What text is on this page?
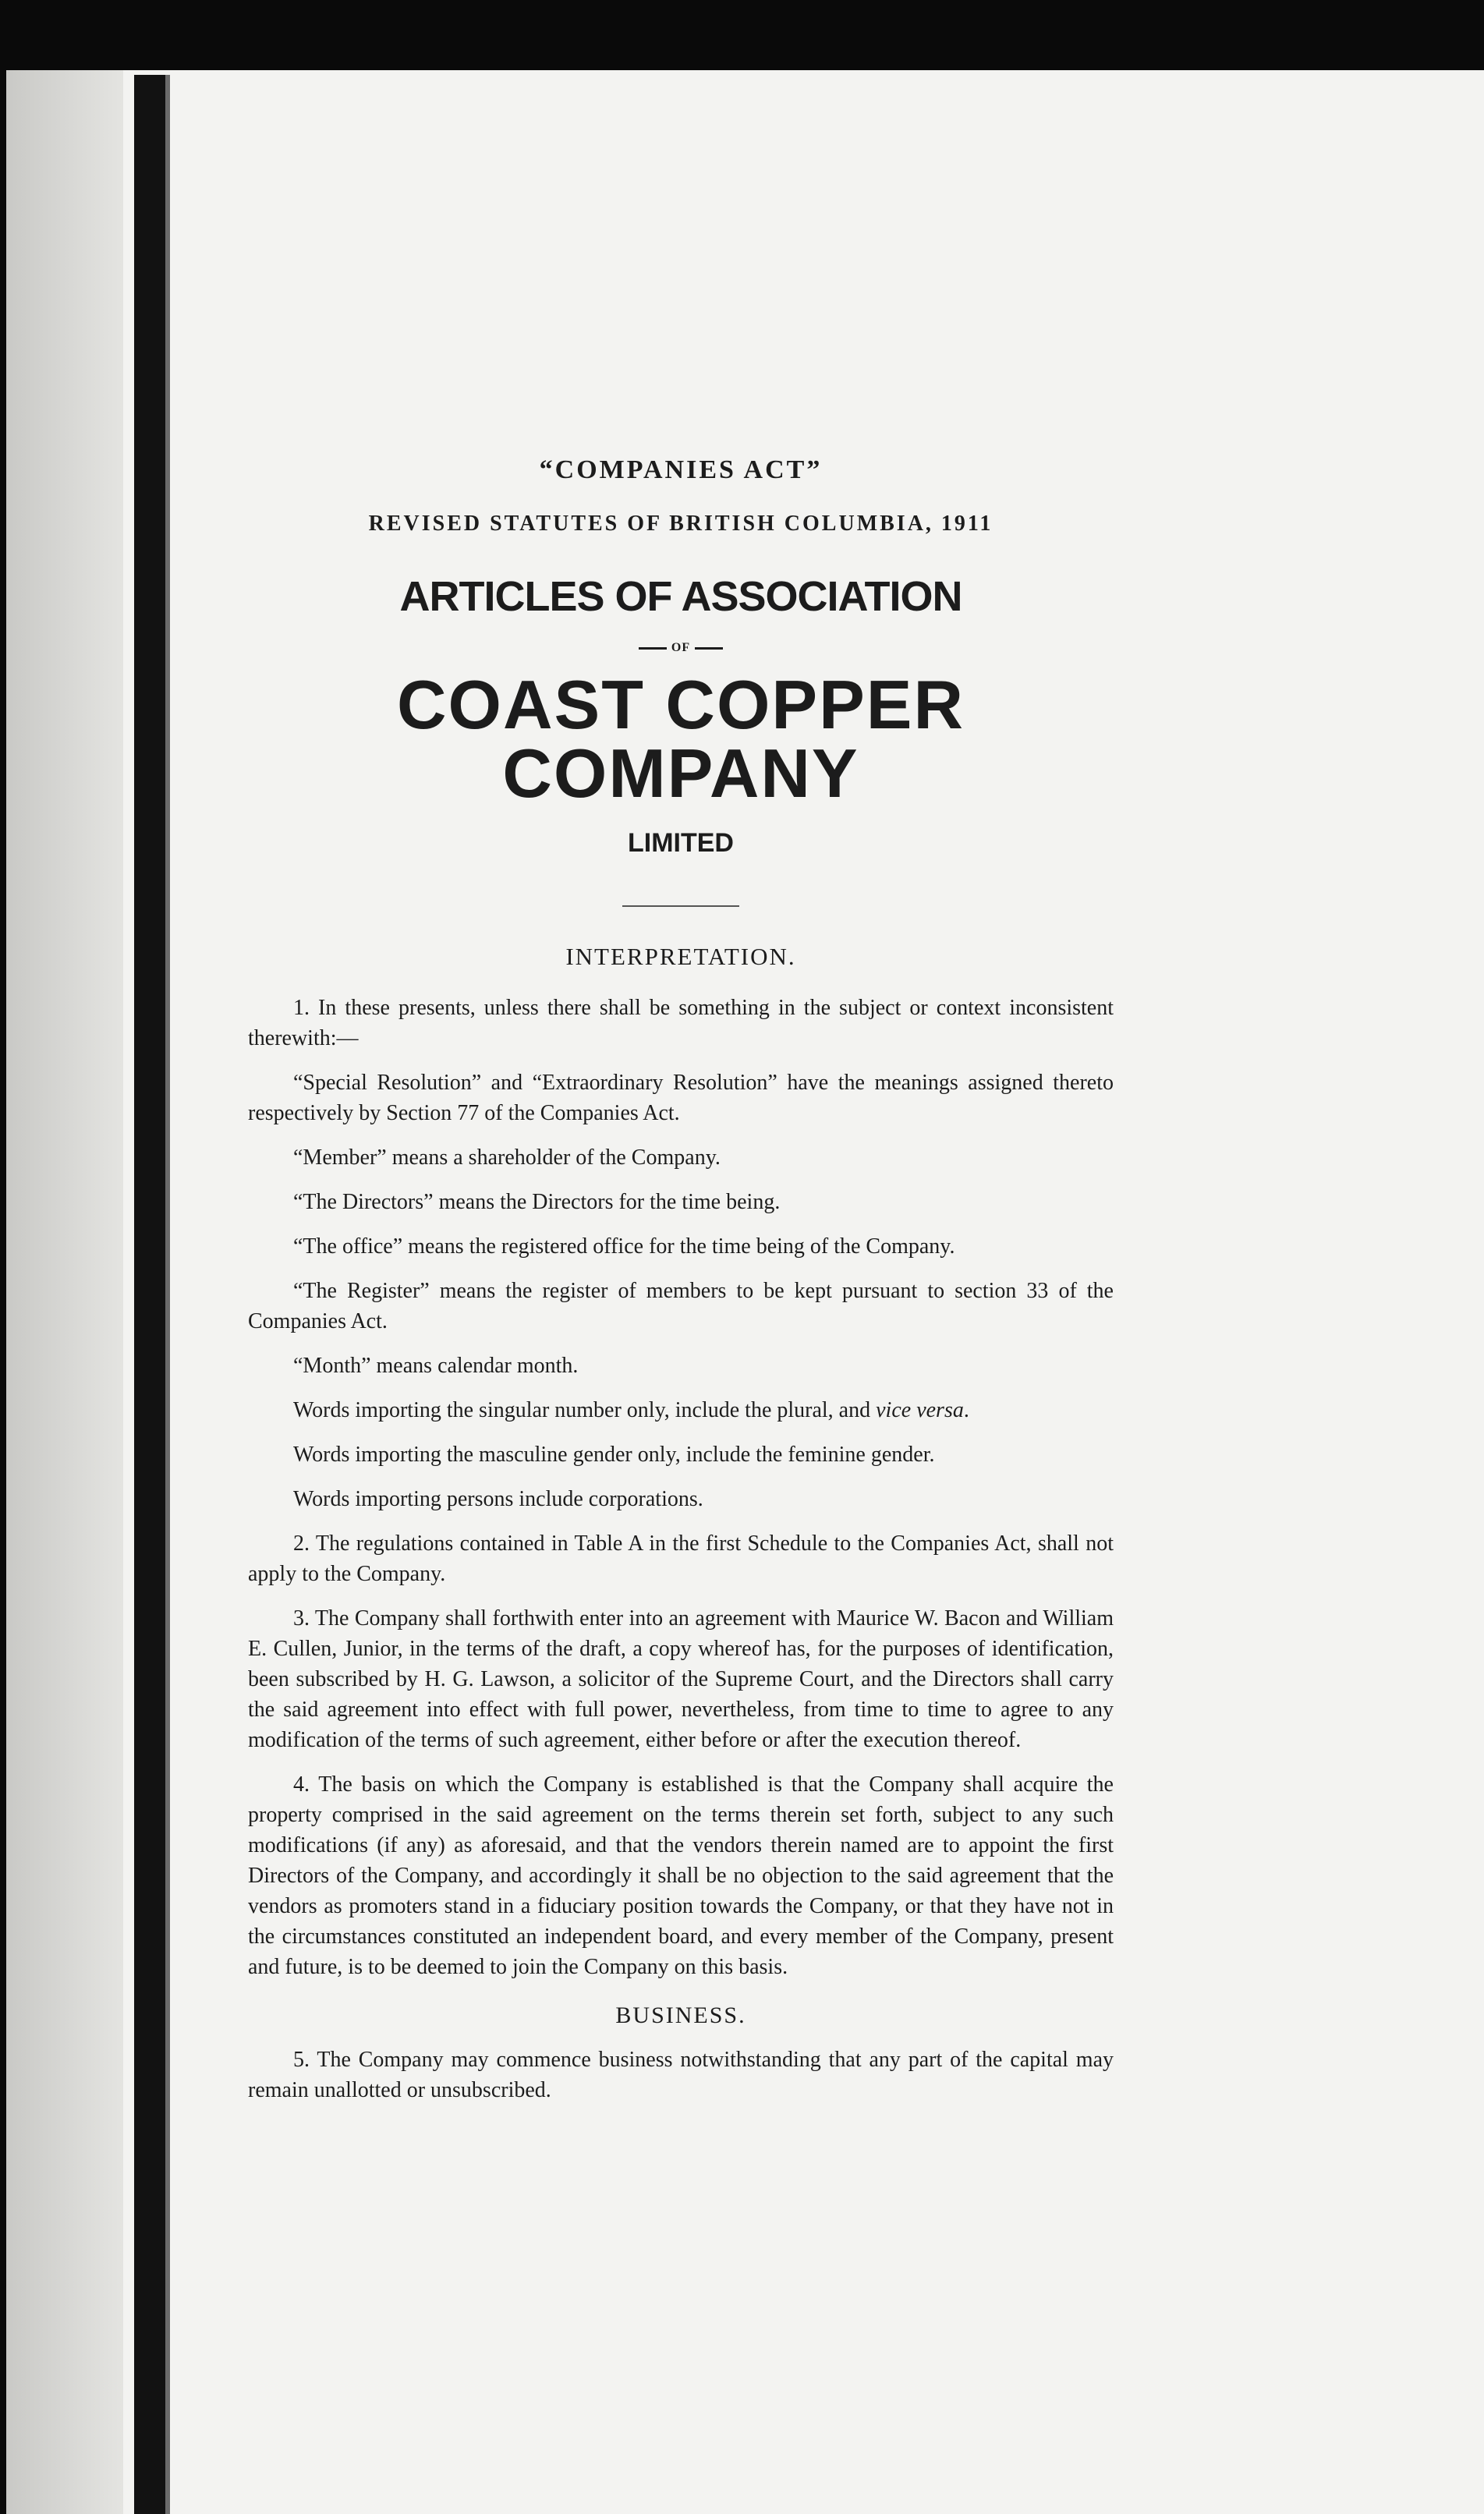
“COMPANIES ACT”
REVISED STATUTES OF BRITISH COLUMBIA, 1911
ARTICLES OF ASSOCIATION
OF
COAST COPPER COMPANY
LIMITED
INTERPRETATION.

1. In these presents, unless there shall be something in the subject or context inconsistent therewith:—

“Special Resolution” and “Extraordinary Resolution” have the meanings assigned thereto respectively by Section 77 of the Companies Act.

“Member” means a shareholder of the Company.

“The Directors” means the Directors for the time being.

“The office” means the registered office for the time being of the Company.

“The Register” means the register of members to be kept pursuant to section 33 of the Companies Act.

“Month” means calendar month.

Words importing the singular number only, include the plural, and vice versa.

Words importing the masculine gender only, include the feminine gender.

Words importing persons include corporations.

2. The regulations contained in Table A in the first Schedule to the Companies Act, shall not apply to the Company.

3. The Company shall forthwith enter into an agreement with Maurice W. Bacon and William E. Cullen, Junior, in the terms of the draft, a copy whereof has, for the purposes of identification, been subscribed by H. G. Lawson, a solicitor of the Supreme Court, and the Directors shall carry the said agreement into effect with full power, nevertheless, from time to time to agree to any modification of the terms of such agreement, either before or after the execution thereof.

4. The basis on which the Company is established is that the Company shall acquire the property comprised in the said agreement on the terms therein set forth, subject to any such modifications (if any) as aforesaid, and that the vendors therein named are to appoint the first Directors of the Company, and accordingly it shall be no objection to the said agreement that the vendors as promoters stand in a fiduciary position towards the Company, or that they have not in the circumstances constituted an independent board, and every member of the Company, present and future, is to be deemed to join the Company on this basis.

BUSINESS.

5. The Company may commence business notwithstanding that any part of the capital may remain unallotted or unsubscribed.
